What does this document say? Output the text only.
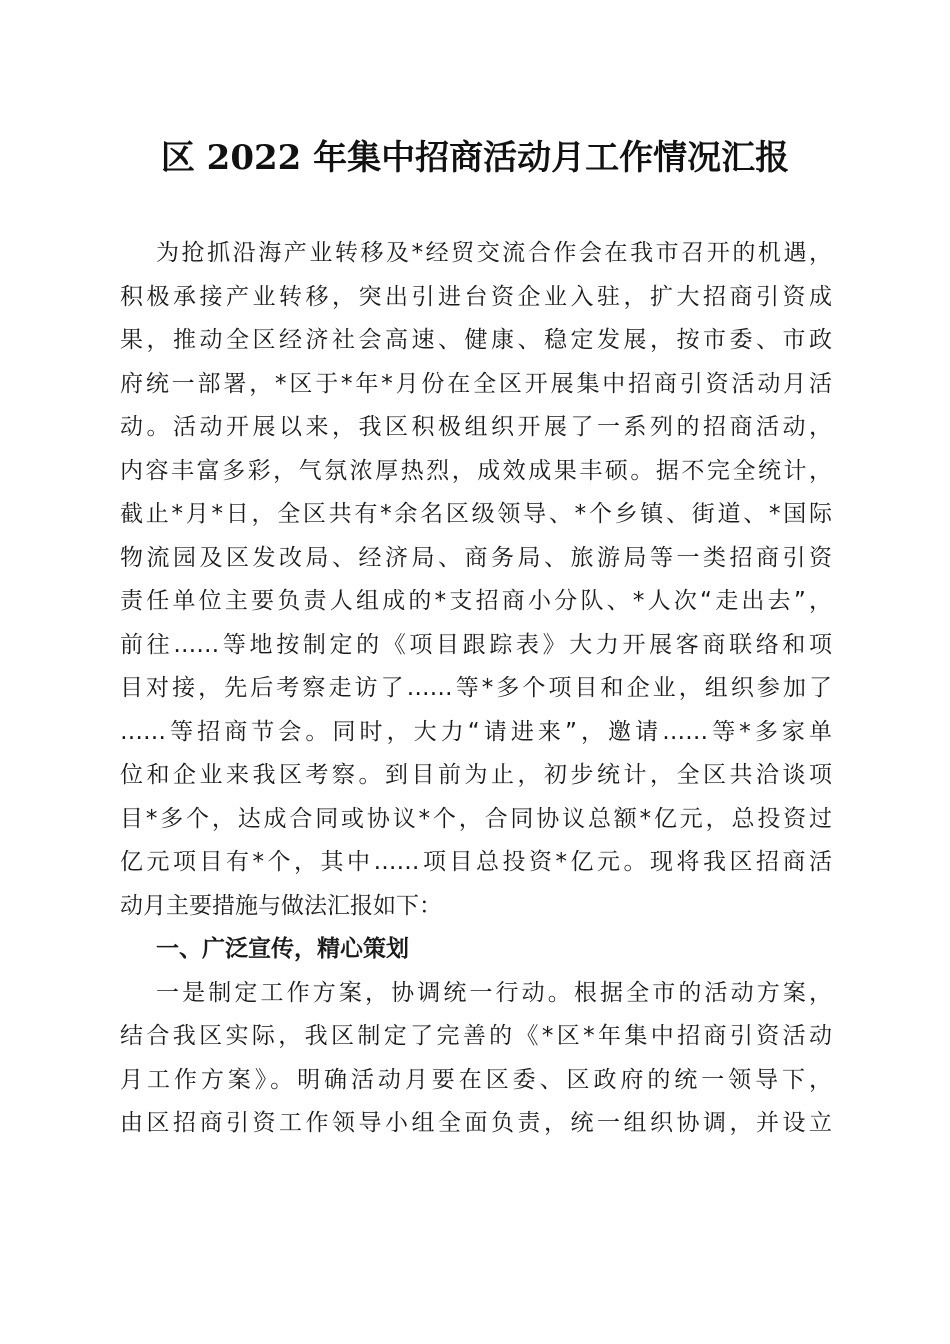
区 2022 年集中招商活动月工作情况汇报
为抢抓沿海产业转移及*经贸交流合作会在我市召开的机遇，
积极承接产业转移，突出引进台资企业入驻，扩大招商引资成
果，推动全区经济社会高速、健康、稳定发展，按市委、市政
府统一部署，*区于*年*月份在全区开展集中招商引资活动月活
动。活动开展以来，我区积极组织开展了一系列的招商活动，
内容丰富多彩，气氛浓厚热烈，成效成果丰硕。据不完全统计，
截止*月*日，全区共有*余名区级领导、*个乡镇、街道、*国际
物流园及区发改局、经济局、商务局、旅游局等一类招商引资
责任单位主要负责人组成的*支招商小分队、*人次“走出去”，
前往……等地按制定的《项目跟踪表》大力开展客商联络和项
目对接，先后考察走访了……等*多个项目和企业，组织参加了
……等招商节会。同时，大力“请进来”，邀请……等*多家单
位和企业来我区考察。到目前为止，初步统计，全区共洽谈项
目*多个，达成合同或协议*个，合同协议总额*亿元，总投资过
亿元项目有*个，其中……项目总投资*亿元。现将我区招商活
动月主要措施与做法汇报如下：
一、广泛宣传，精心策划
一是制定工作方案，协调统一行动。根据全市的活动方案，
结合我区实际，我区制定了完善的《*区*年集中招商引资活动
月工作方案》。明确活动月要在区委、区政府的统一领导下，
由区招商引资工作领导小组全面负责，统一组织协调，并设立
